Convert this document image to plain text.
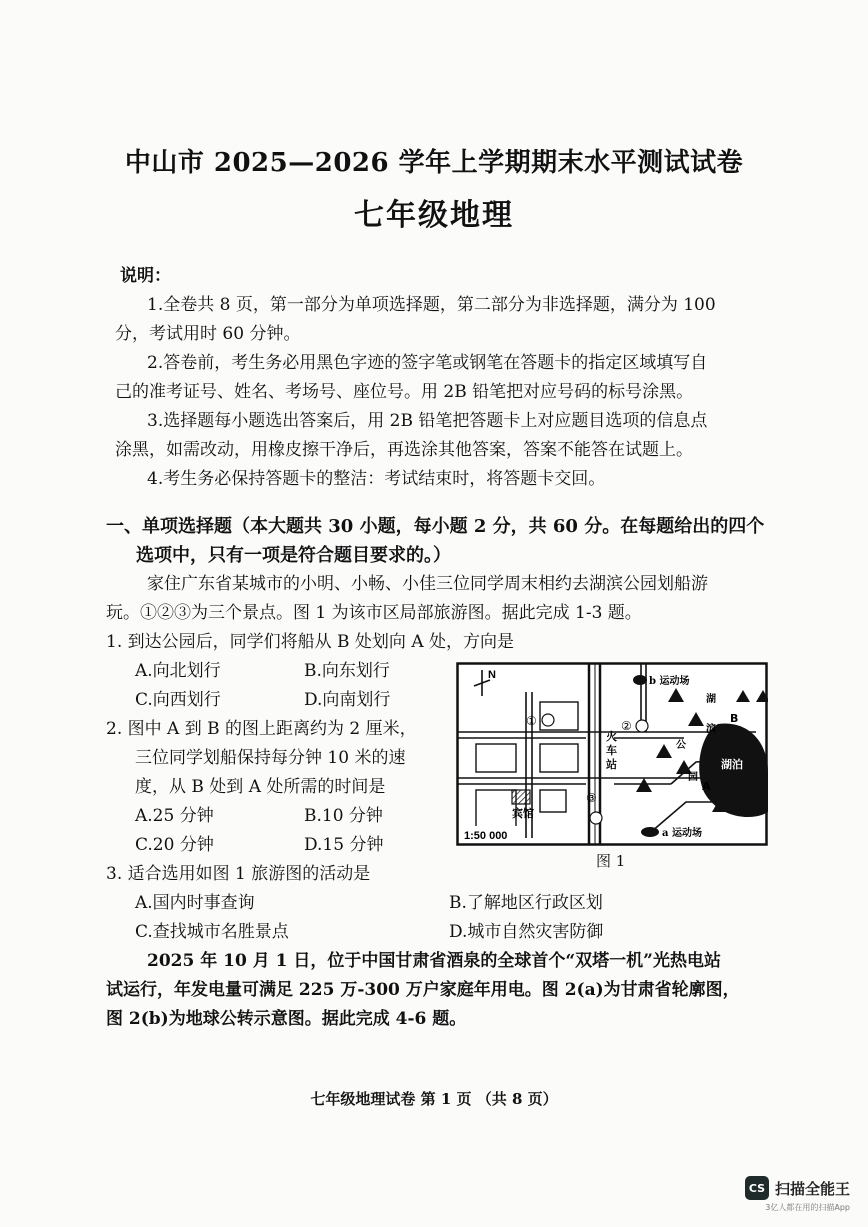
中山市 2025—2026 学年上学期期末水平测试试卷
七年级地理
说明：
1.全卷共 8 页，第一部分为单项选择题，第二部分为非选择题，满分为 100
分，考试用时 60 分钟。
2.答卷前，考生务必用黑色字迹的签字笔或钢笔在答题卡的指定区域填写自
己的准考证号、姓名、考场号、座位号。用 2B 铅笔把对应号码的标号涂黑。
3.选择题每小题选出答案后，用 2B 铅笔把答题卡上对应题目选项的信息点
涂黑，如需改动，用橡皮擦干净后，再选涂其他答案，答案不能答在试题上。
4.考生务必保持答题卡的整洁：考试结束时，将答题卡交回。
一、单项选择题（本大题共 30 小题，每小题 2 分，共 60 分。在每题给出的四个
选项中，只有一项是符合题目要求的。）
家住广东省某城市的小明、小畅、小佳三位同学周末相约去湖滨公园划船游
玩。①②③为三个景点。图 1 为该市区局部旅游图。据此完成 1-3 题。
1. 到达公园后，同学们将船从 B 处划向 A 处，方向是
A.向北划行	B.向东划行
C.向西划行	D.向南划行
2. 图中 A 到 B 的图上距离约为 2 厘米，
三位同学划船保持每分钟 10 米的速
度，从 B 处到 A 处所需的时间是
A.25 分钟	B.10 分钟
C.20 分钟	D.15 分钟
3. 适合选用如图 1 旅游图的活动是
A.国内时事查询	B.了解地区行政区划
C.查找城市名胜景点	D.城市自然灾害防御
2025 年 10 月 1 日，位于中国甘肃省酒泉的全球首个“双塔一机”光热电站
试运行，年发电量可满足 225 万-300 万户家庭年用电。图 2(a)为甘肃省轮廓图，
图 2(b)为地球公转示意图。据此完成 4-6 题。
N
宾馆
火
车
站
①	②
③
湖泊
A
B
湖
滨
公
园
b 运动场
a 运动场
1:50 000
图 1
七年级地理试卷 第 1 页 （共 8 页）
CS 扫描全能王
3亿人都在用的扫描App
